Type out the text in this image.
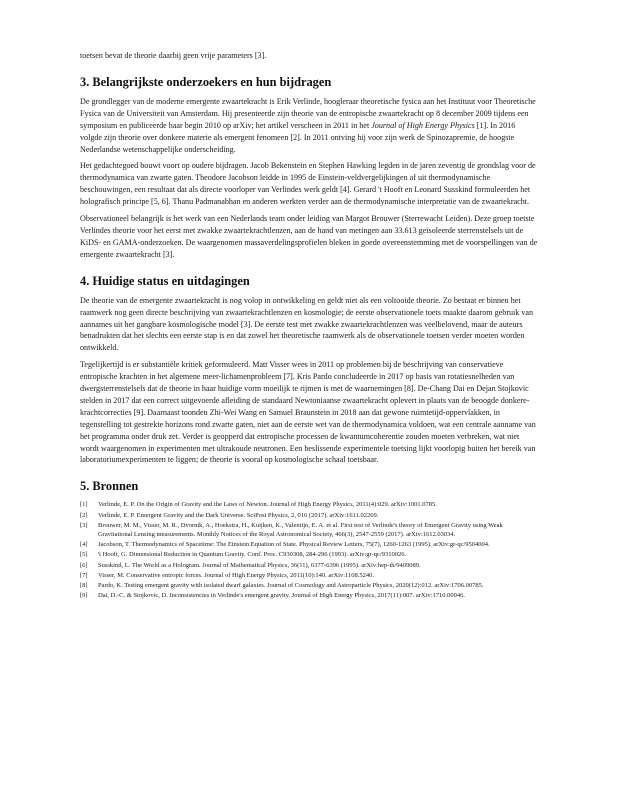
toetsen bevat de theorie daarbij geen vrije parameters [3].

3. Belangrijkste onderzoekers en hun bijdragen

De grondlegger van de moderne emergente zwaartekracht is Erik Verlinde, hoogleraar theoretische fysica aan het Instituut voor Theoretische Fysica van de Universiteit van Amsterdam. Hij presenteerde zijn theorie van de entropische zwaartekracht op 8 december 2009 tijdens een symposium en publiceerde haar begin 2010 op arXiv; het artikel verscheen in 2011 in het Journal of High Energy Physics [1]. In 2016 volgde zijn theorie over donkere materie als emergent fenomeen [2]. In 2011 ontving hij voor zijn werk de Spinozapremie, de hoogste Nederlandse wetenschappelijke onderscheiding.

Het gedachtegoed bouwt voort op oudere bijdragen. Jacob Bekenstein en Stephen Hawking legden in de jaren zeventig de grondslag voor de thermodynamica van zwarte gaten. Theodore Jacobson leidde in 1995 de Einstein-veldvergelijkingen af uit thermodynamische beschouwingen, een resultaat dat als directe voorloper van Verlindes werk geldt [4]. Gerard 't Hooft en Leonard Susskind formuleerden het holografisch principe [5, 6]. Thanu Padmanabhan en anderen werkten verder aan de thermodynamische interpretatie van de zwaartekracht.

Observationeel belangrijk is het werk van een Nederlands team onder leiding van Margot Brouwer (Sterrewacht Leiden). Deze groep toetste Verlindes theorie voor het eerst met zwakke zwaartekrachtlenzen, aan de hand van metingen aan 33.613 geïsoleerde sterrenstelsels uit de KiDS- en GAMA-onderzoeken. De waargenomen massaverdelingsprofielen bleken in goede overeenstemming met de voorspellingen van de emergente zwaartekracht [3].

4. Huidige status en uitdagingen

De theorie van de emergente zwaartekracht is nog volop in ontwikkeling en geldt niet als een voltooide theorie. Zo bestaat er binnen het raamwerk nog geen directe beschrijving van zwaartekrachtlenzen en kosmologie; de eerste observationele toets maakte daarom gebruik van aannames uit het gangbare kosmologische model [3]. De eerste test met zwakke zwaartekrachtlenzen was veelbelovend, maar de auteurs benadrukten dat het slechts een eerste stap is en dat zowel het theoretische raamwerk als de observationele toetsen verder moeten worden ontwikkeld.

Tegelijkertijd is er substantiële kritiek geformuleerd. Matt Visser wees in 2011 op problemen bij de beschrijving van conservatieve entropische krachten in het algemene meer-lichamenprobleem [7]. Kris Pardo concludeerde in 2017 op basis van rotatiesnelheden van dwergsterrenstelsels dat de theorie in haar huidige vorm moeilijk te rijmen is met de waarnemingen [8]. De-Chang Dai en Dejan Stojkovic stelden in 2017 dat een correct uitgevoerde afleiding de standaard Newtoniaanse zwaartekracht oplevert in plaats van de beoogde donkere-krachtcorrecties [9]. Daarnaast toonden Zhi-Wei Wang en Samuel Braunstein in 2018 aan dat gewone ruimtetijd-oppervlakken, in tegenstelling tot gestrekte horizons rond zwarte gaten, niet aan de eerste wet van de thermodynamica voldoen, wat een centrale aanname van het programma onder druk zet. Verder is geopperd dat entropische processen de kwantumcoherentie zouden moeten verbreken, wat niet wordt waargenomen in experimenten met ultrakoude neutronen. Een beslissende experimentele toetsing lijkt voorlopig buiten het bereik van laboratoriumexperimenten te liggen; de theorie is vooral op kosmologische schaal toetsbaar.

5. Bronnen
[1] Verlinde, E. P. On the Origin of Gravity and the Laws of Newton. Journal of High Energy Physics, 2011(4):029. arXiv:1001.0785.
[2] Verlinde, E. P. Emergent Gravity and the Dark Universe. SciPost Physics, 2, 016 (2017). arXiv:1611.02269.
[3] Brouwer, M. M., Visser, M. R., Dvornik, A., Hoekstra, H., Kuijken, K., Valentijn, E. A. et al. First test of Verlinde's theory of Emergent Gravity using Weak Gravitational Lensing measurements. Monthly Notices of the Royal Astronomical Society, 466(3), 2547-2559 (2017). arXiv:1612.03034.
[4] Jacobson, T. Thermodynamics of Spacetime: The Einstein Equation of State. Physical Review Letters, 75(7), 1260-1263 (1995). arXiv:gr-qc/9504004.
[5] 't Hooft, G. Dimensional Reduction in Quantum Gravity. Conf. Proc. C930308, 284-296 (1993). arXiv:gr-qc/9310026.
[6] Susskind, L. The World as a Hologram. Journal of Mathematical Physics, 36(11), 6377-6396 (1995). arXiv:hep-th/9409089.
[7] Visser, M. Conservative entropic forces. Journal of High Energy Physics, 2011(10):140. arXiv:1108.5240.
[8] Pardo, K. Testing emergent gravity with isolated dwarf galaxies. Journal of Cosmology and Astroparticle Physics, 2020(12):012. arXiv:1706.00785.
[9] Dai, D.-C. & Stojkovic, D. Inconsistencies in Verlinde's emergent gravity. Journal of High Energy Physics, 2017(11):007. arXiv:1710.00946.
